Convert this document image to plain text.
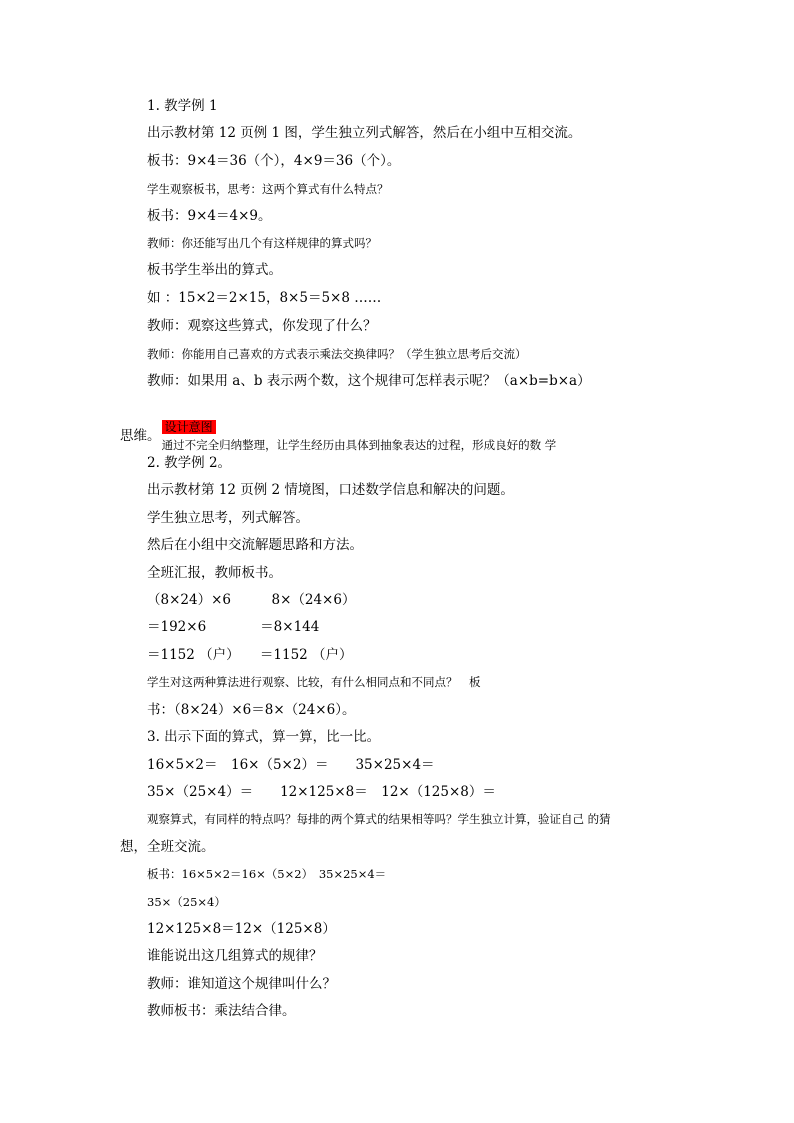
1. 教学例 1
出示教材第 12 页例 1 图，学生独立列式解答，然后在小组中互相交流。
板书：9×4＝36（个），4×9＝36（个）。
学生观察板书，思考：这两个算式有什么特点？
板书：9×4＝4×9。
教师：你还能写出几个有这样规律的算式吗？
板书学生举出的算式。
如 ：15×2＝2×15，8×5＝5×8 ……
教师：观察这些算式，你发现了什么？
教师：你能用自己喜欢的方式表示乘法交换律吗？（学生独立思考后交流）
教师：如果用 a、b 表示两个数，这个规律可怎样表示呢？（a×b=b×a）

设计意图
通过不完全归纳整理，让学生经历由具体到抽象表达的过程，形成良好的数 学

思维。
2. 教学例 2。
出示教材第 12 页例 2 情境图，口述数学信息和解决的问题。
学生独立思考，列式解答。
然后在小组中交流解题思路和方法。
全班汇报，教师板书。
（8×24）×6　　　8×（24×6）
＝192×6　　　　＝8×144
＝1152 （户）　　＝1152 （户）
学生对这两种算法进行观察、比较，有什么相同点和不同点？　板
书：（8×24）×6＝8×（24×6）。
3. 出示下面的算式，算一算，比一比。
16×5×2＝　16×（5×2）＝　　35×25×4＝
35×（25×4）＝　　12×125×8＝　12×（125×8）＝
观察算式，有同样的特点吗？每排的两个算式的结果相等吗？学生独立计算，验证自己 的猜
想，全班交流。
板书：16×5×2＝16×（5×2）　35×25×4＝
35×（25×4）
12×125×8＝12×（125×8）
谁能说出这几组算式的规律？
教师：谁知道这个规律叫什么？
教师板书：乘法结合律。
